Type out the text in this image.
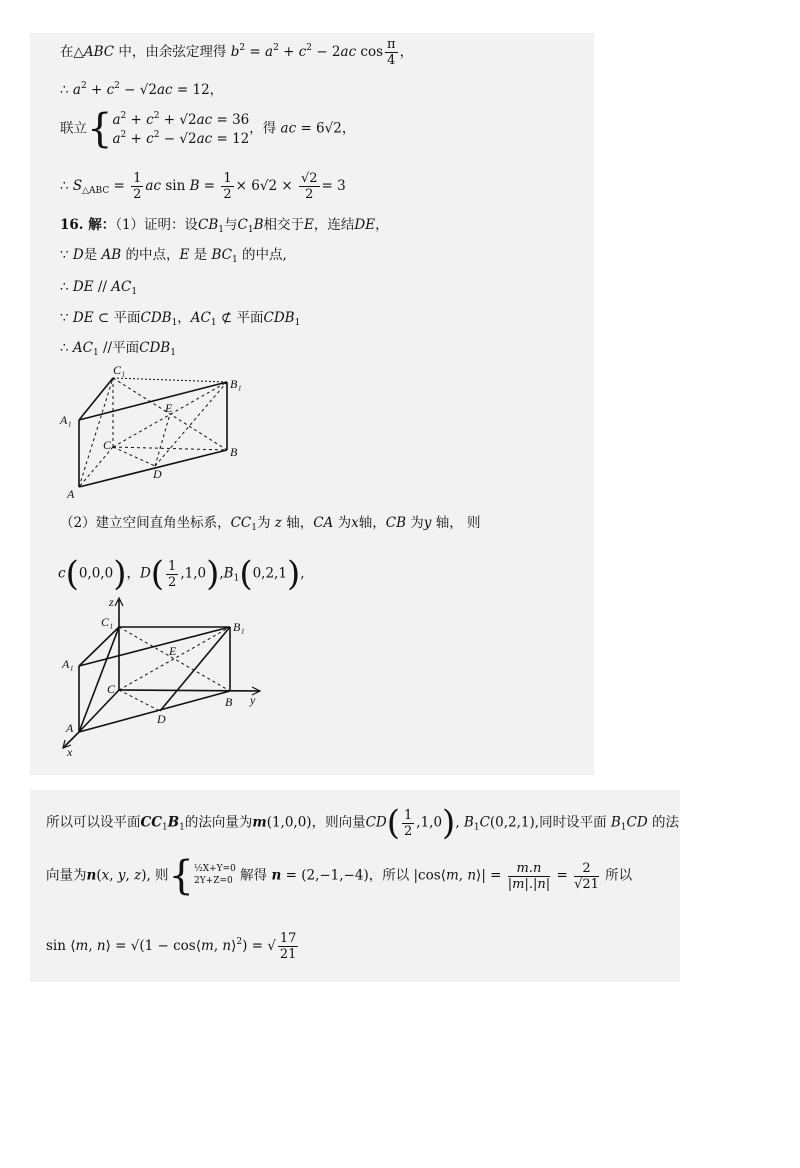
在△ABC 中，由余弦定理得 $b^2 = a^2 + c^2 - 2ac$ $\cos \frac{\pi}{4}$ ，
∴ $a^2 + c^2 - √2ac = 12$，
联立{ $a^2 + c^2 + √2ac = 36$
$a^2 + c^2 - √2ac = 12$
，得 ac = 6√2，
∴ $S_{\triangle ABC} = \frac{1}{2}$ ac $\sin B = \frac{1}{2} \times 6√2 \times \frac{√2}{2} = 3$
16. 解：（1）证明：设$CB_1$与$C_1B$相交于E，连结DE，
∵ D是 AB 的中点，E 是 $BC_1$ 的中点,
∴ DE // $AC_1$
∵ DE ⊂ 平面$CDB_1$，$AC_1$ ⊄ 平面$CDB_1$
∴ $AC_1$ //平面$CDB_1$
C₁
B₁
A₁
E
C	B
D
A
（2）建立空间直角坐标系，$CC_1$为 z 轴，CA 为x轴，CB 为y 轴， 则
c(0,0,0)，$D( \frac{1}{2} ,1,0),B_1(0,2,1)$,
z
C₁	B₁
A₁
E
C
B y
D
A
x
所以可以设平面$CC_1B_1$的法向量为m(1,0,0)，则向量$CD( \frac{1}{2} ,1,0)$, $B_1C(0,2,1)$,同时设平面 $B_1CD$ 的法
向量为n(x, y, z), 则{ ½X+Y=0
2Y+Z=0 解得 n = (2,−1,−4)，所以 |cos⟨m, n⟩| = $\frac{m.n}{|m|.|n|} = \frac{2}{√21}$ 所以
sin ⟨m, n⟩ = √(1 − cos⟨m, n⟩$^2$) = √ $\frac{17}{21}$
